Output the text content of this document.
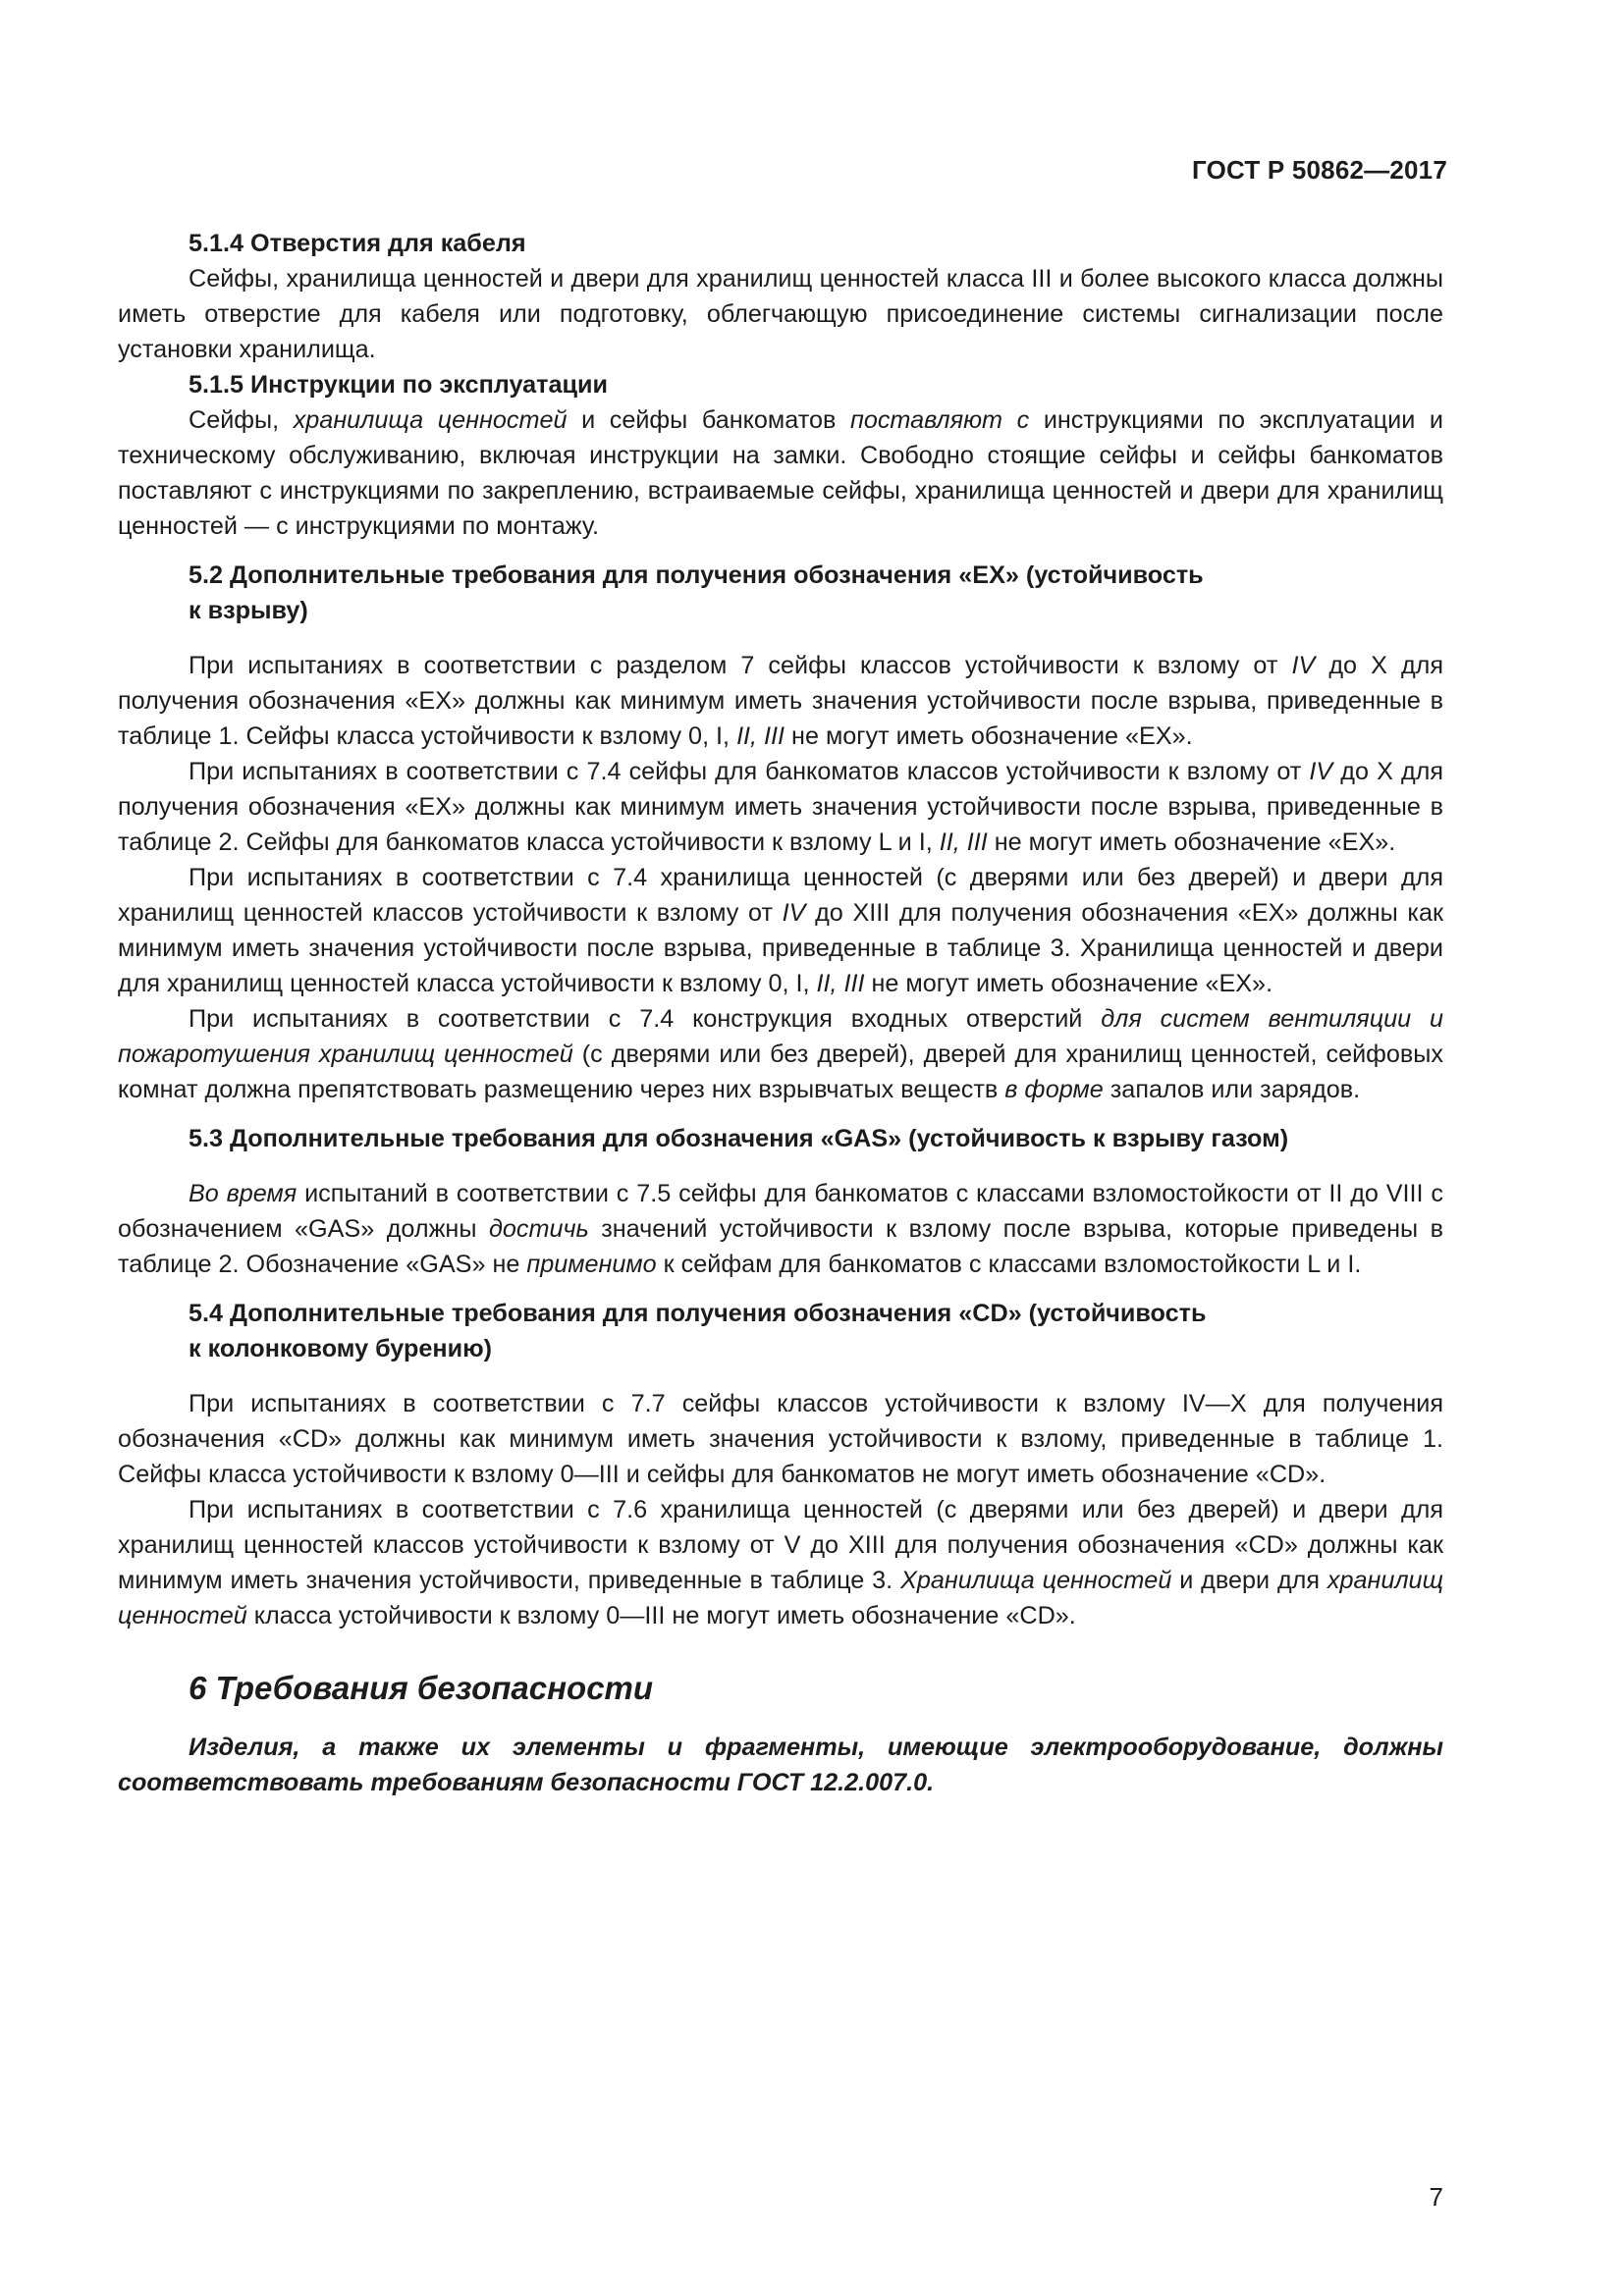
ГОСТ Р 50862—2017

5.1.4 Отверстия для кабеля

Сейфы, хранилища ценностей и двери для хранилищ ценностей класса III и более высокого класса должны иметь отверстие для кабеля или подготовку, облегчающую присоединение системы сигнализации после установки хранилища.

5.1.5 Инструкции по эксплуатации

Сейфы, хранилища ценностей и сейфы банкоматов поставляют с инструкциями по эксплуатации и техническому обслуживанию, включая инструкции на замки. Свободно стоящие сейфы и сейфы банкоматов поставляют с инструкциями по закреплению, встраиваемые сейфы, хранилища ценностей и двери для хранилищ ценностей — с инструкциями по монтажу.

5.2 Дополнительные требования для получения обозначения «EX» (устойчивость
к взрыву)

При испытаниях в соответствии с разделом 7 сейфы классов устойчивости к взлому от IV до X для получения обозначения «EX» должны как минимум иметь значения устойчивости после взрыва, приведенные в таблице 1. Сейфы класса устойчивости к взлому 0, I, II, III не могут иметь обозначение «EX».

При испытаниях в соответствии с 7.4 сейфы для банкоматов классов устойчивости к взлому от IV до X для получения обозначения «EX» должны как минимум иметь значения устойчивости после взрыва, приведенные в таблице 2. Сейфы для банкоматов класса устойчивости к взлому L и I, II, III не могут иметь обозначение «EX».

При испытаниях в соответствии с 7.4 хранилища ценностей (с дверями или без дверей) и двери для хранилищ ценностей классов устойчивости к взлому от IV до XIII для получения обозначения «EX» должны как минимум иметь значения устойчивости после взрыва, приведенные в таблице 3. Хранилища ценностей и двери для хранилищ ценностей класса устойчивости к взлому 0, I, II, III не могут иметь обозначение «EX».

При испытаниях в соответствии с 7.4 конструкция входных отверстий для систем вентиляции и пожаротушения хранилищ ценностей (с дверями или без дверей), дверей для хранилищ ценностей, сейфовых комнат должна препятствовать размещению через них взрывчатых веществ в форме запалов или зарядов.

5.3 Дополнительные требования для обозначения «GAS» (устойчивость к взрыву газом)

Во время испытаний в соответствии с 7.5 сейфы для банкоматов с классами взломостойкости от II до VIII с обозначением «GAS» должны достичь значений устойчивости к взлому после взрыва, которые приведены в таблице 2. Обозначение «GAS» не применимо к сейфам для банкоматов с классами взломостойкости L и I.

5.4 Дополнительные требования для получения обозначения «CD» (устойчивость
к колонковому бурению)

При испытаниях в соответствии с 7.7 сейфы классов устойчивости к взлому IV—X для получения обозначения «CD» должны как минимум иметь значения устойчивости к взлому, приведенные в таблице 1. Сейфы класса устойчивости к взлому 0—III и сейфы для банкоматов не могут иметь обозначение «CD».

При испытаниях в соответствии с 7.6 хранилища ценностей (с дверями или без дверей) и двери для хранилищ ценностей классов устойчивости к взлому от V до XIII для получения обозначения «CD» должны как минимум иметь значения устойчивости, приведенные в таблице 3. Хранилища ценностей и двери для хранилищ ценностей класса устойчивости к взлому 0—III не могут иметь обозначение «CD».

6 Требования безопасности

Изделия, а также их элементы и фрагменты, имеющие электрооборудование, должны соответствовать требованиям безопасности ГОСТ 12.2.007.0.

7
